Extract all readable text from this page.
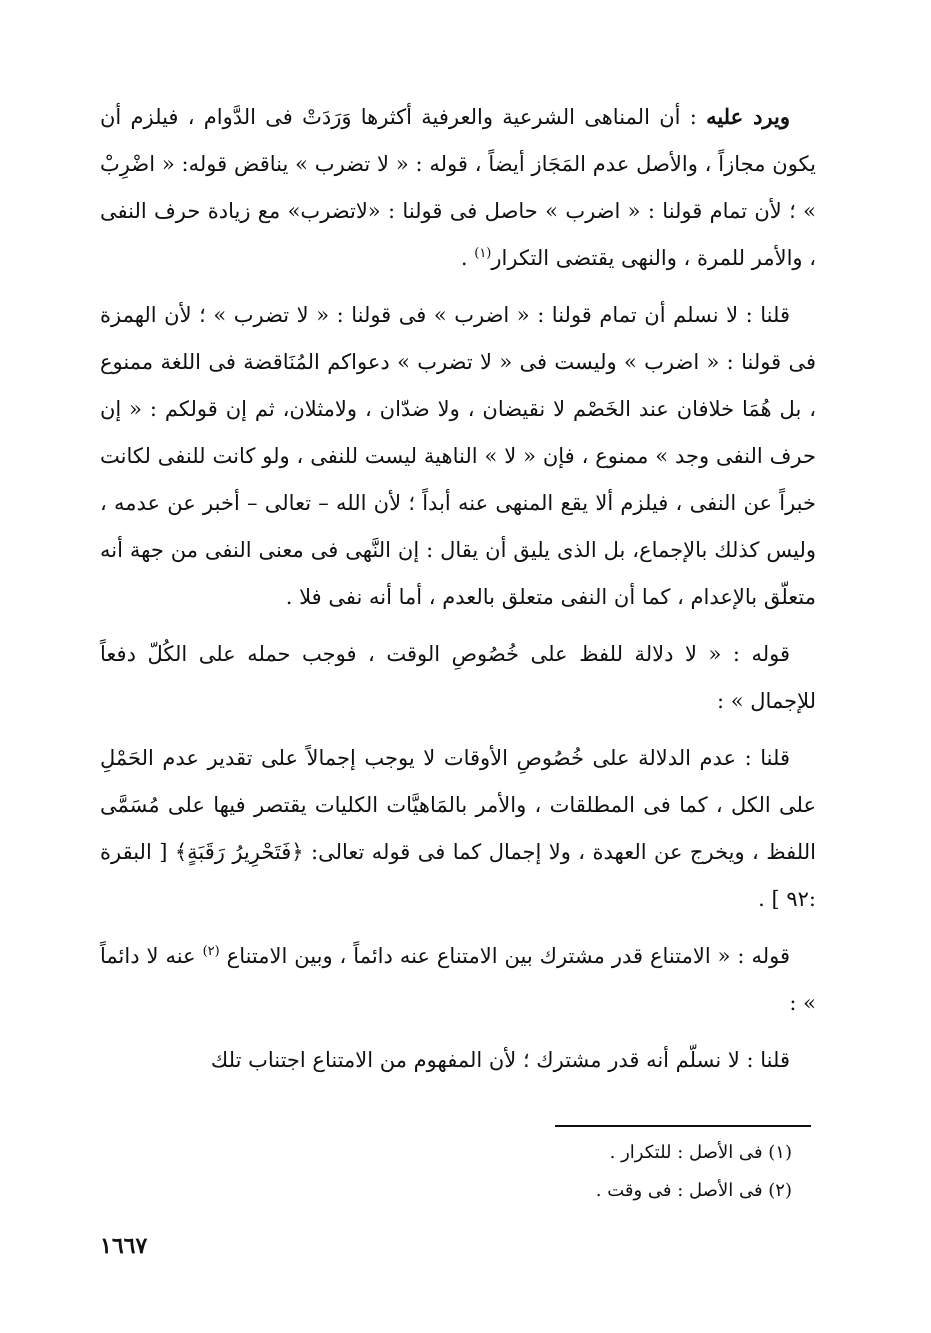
ويرد عليه : أن المناهى الشرعية والعرفية أكثرها وَرَدَتْ فى الدَّوام ، فيلزم أن يكون مجازاً ، والأصل عدم المَجَاز أيضاً ، قوله : « لا تضرب » يناقض قوله: « اضْرِبْ » ؛ لأن تمام قولنا : « اضرب » حاصل فى قولنا : «لاتضرب» مع زيادة حرف النفى ، والأمر للمرة ، والنهى يقتضى التكرار$^{(١)}$ .

قلنا : لا نسلم أن تمام قولنا : « اضرب » فى قولنا : « لا تضرب » ؛ لأن الهمزة فى قولنا : « اضرب » وليست فى « لا تضرب » دعواكم المُنَاقضة فى اللغة ممنوع ، بل هُمَا خلافان عند الخَصْم لا نقيضان ، ولا ضدّان ، ولامثلان، ثم إن قولكم : « إن حرف النفى وجد » ممنوع ، فإن « لا » الناهية ليست للنفى ، ولو كانت للنفى لكانت خبراً عن النفى ، فيلزم ألا يقع المنهى عنه أبداً ؛ لأن الله – تعالى – أخبر عن عدمه ، وليس كذلك بالإجماع، بل الذى يليق أن يقال : إن النَّهى فى معنى النفى من جهة أنه متعلّق بالإعدام ، كما أن النفى متعلق بالعدم ، أما أنه نفى فلا .

قوله : « لا دلالة للفظ على خُصُوصِ الوقت ، فوجب حمله على الكُلّ دفعاً للإجمال » :

قلنا : عدم الدلالة على خُصُوصِ الأوقات لا يوجب إجمالاً على تقدير عدم الحَمْلِ على الكل ، كما فى المطلقات ، والأمر بالمَاهيَّات الكليات يقتصر فيها على مُسَمَّى اللفظ ، ويخرج عن العهدة ، ولا إجمال كما فى قوله تعالى: ﴿فَتَحْرِيرُ رَقَبَةٍ﴾ [ البقرة :٩٢ ] .

قوله : « الامتناع قدر مشترك بين الامتناع عنه دائماً ، وبين الامتناع $^{(٢)}$ عنه لا دائماً » :

قلنا : لا نسلّم أنه قدر مشترك ؛ لأن المفهوم من الامتناع اجتناب تلك

(١) فى الأصل : للتكرار .
(٢) فى الأصل : فى وقت .
١٦٦٧
